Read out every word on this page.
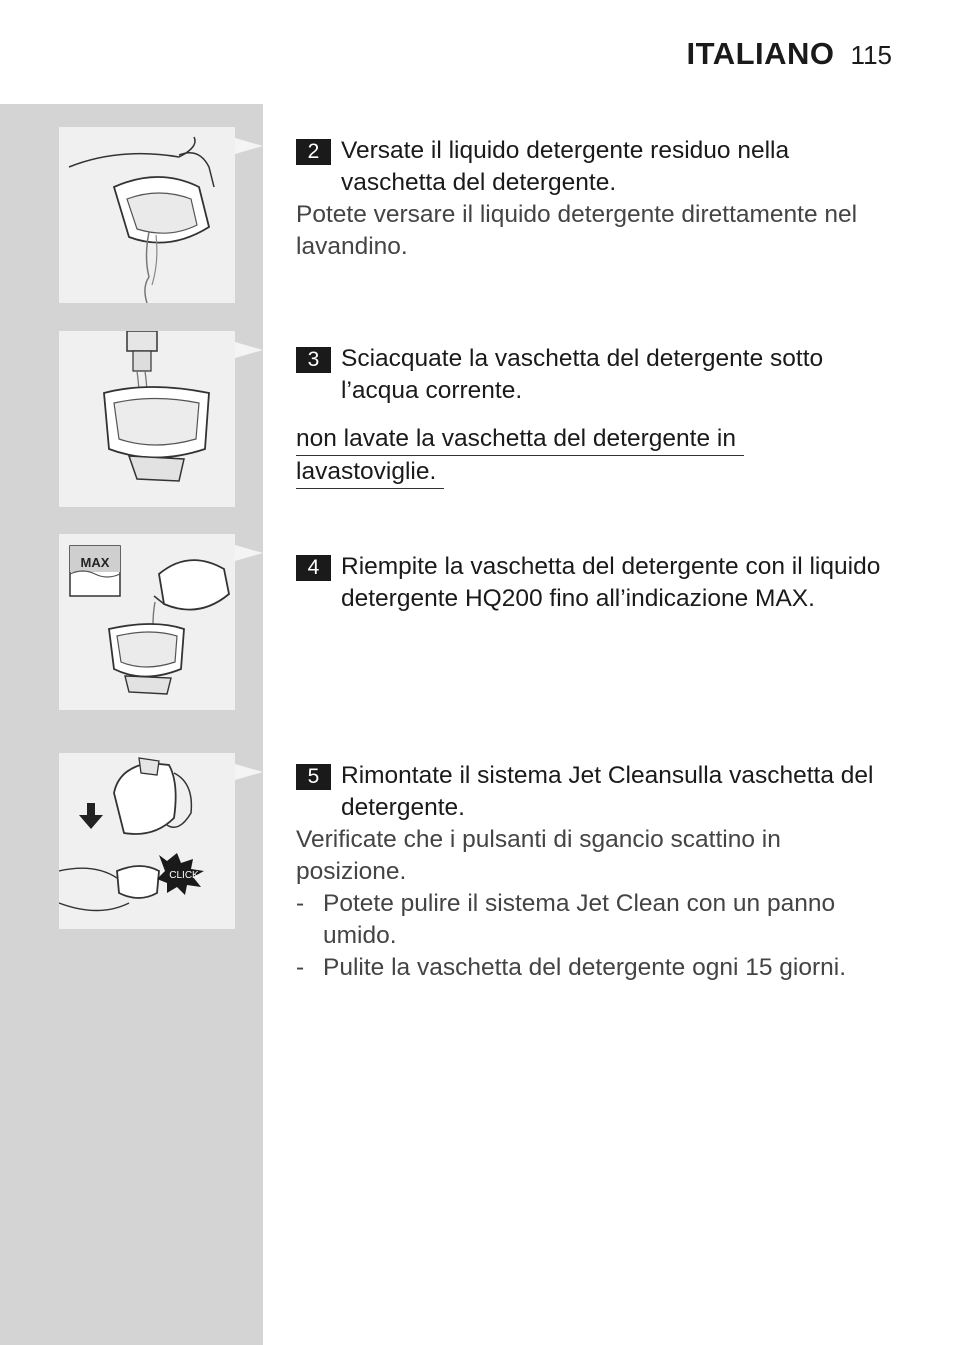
ITALIANO 115
MAX
CLICK
2 Versate il liquido detergente residuo nella vaschetta del detergente.
Potete versare il liquido detergente direttamente nel lavandino.
3 Sciacquate la vaschetta del detergente sotto l’acqua corrente.
non lavate la vaschetta del detergente in
lavastoviglie.
4 Riempite la vaschetta del detergente con il liquido detergente HQ200 fino all’indicazione MAX.
5 Rimontate il sistema Jet Cleansulla vaschetta del detergente.
Verificate che i pulsanti di sgancio scattino in posizione.
- Potete pulire il sistema Jet Clean con un panno umido.
- Pulite la vaschetta del detergente ogni 15 giorni.
